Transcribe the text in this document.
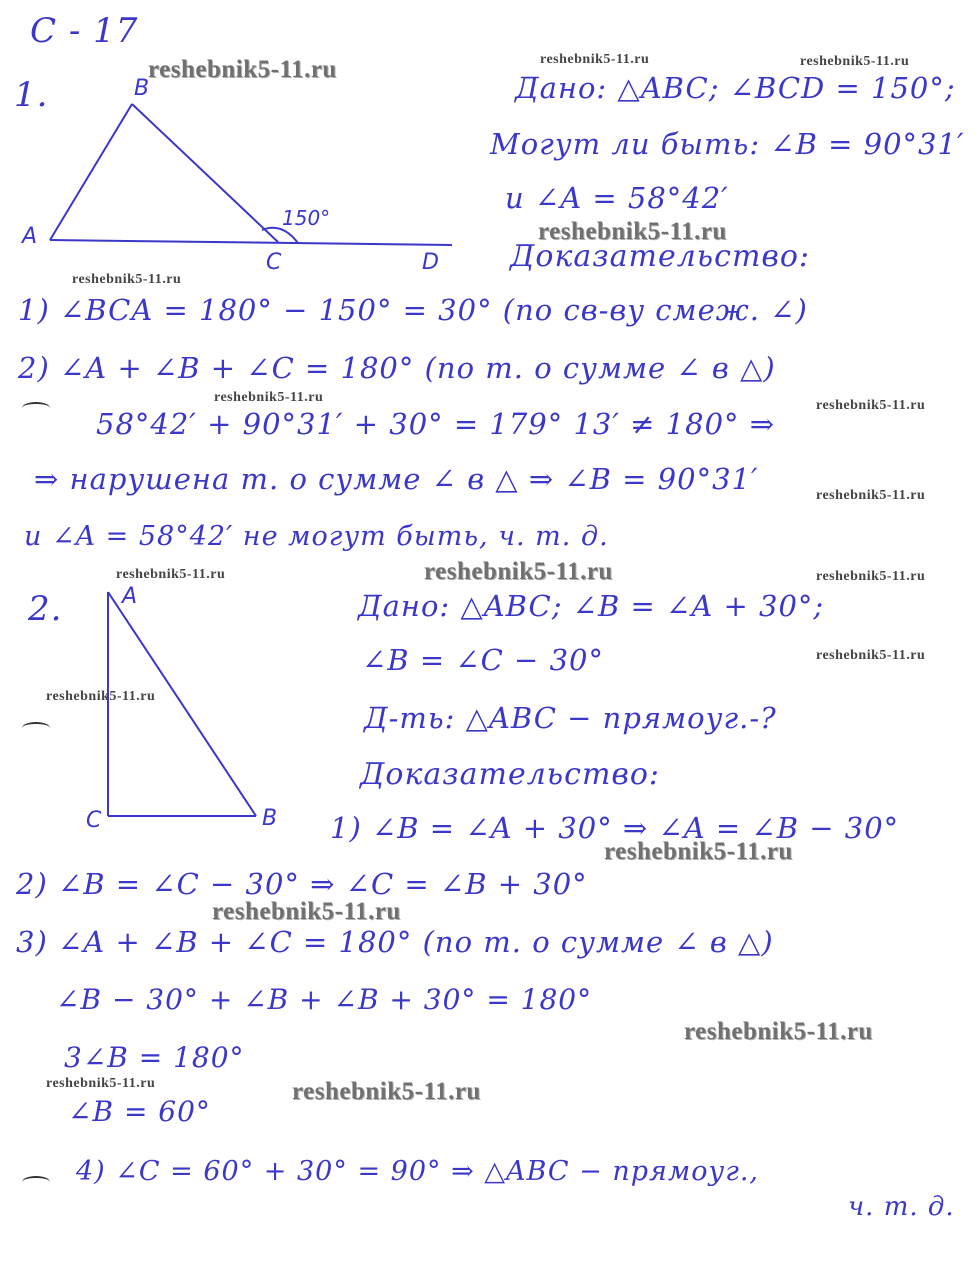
С - 17
reshebnik5-11.ru	reshebnik5-11.ru	reshebnik5-11.ru
reshebnik5-11.ru
reshebnik5-11.ru
reshebnik5-11.ru
reshebnik5-11.ru
reshebnik5-11.ru
reshebnik5-11.ru	reshebnik5-11.ru	reshebnik5-11.ru
reshebnik5-11.ru
reshebnik5-11.ru
reshebnik5-11.ru
reshebnik5-11.ru
reshebnik5-11.ru
reshebnik5-11.ru	reshebnik5-11.ru
1.	B
A
C	D
150°
Дано: △ABC; ∠BCD = 150°;
Могут ли быть: ∠B = 90°31′
и ∠A = 58°42′
Доказательство:
1) ∠BCA = 180° − 150° = 30° (по св-ву смеж. ∠)
2) ∠A + ∠B + ∠C = 180° (по т. о сумме ∠ в △)
58°42′ + 90°31′ + 30° = 179° 13′ ≠ 180° ⇒
⇒ нарушена т. о сумме ∠ в △ ⇒ ∠B = 90°31′
и ∠A = 58°42′ не могут быть, ч. т. д.
2.	A
C	B
Дано: △ABC; ∠B = ∠A + 30°;
∠B = ∠C − 30°
Д-ть: △ABC − прямоуг.-?
Доказательство:
1) ∠B = ∠A + 30° ⇒ ∠A = ∠B − 30°
2) ∠B = ∠C − 30° ⇒ ∠C = ∠B + 30°
3) ∠A + ∠B + ∠C = 180° (по т. о сумме ∠ в △)
∠B − 30° + ∠B + ∠B + 30° = 180°
3∠B = 180°
∠B = 60°
4) ∠C = 60° + 30° = 90° ⇒ △ABC − прямоуг.,
ч. т. д.
